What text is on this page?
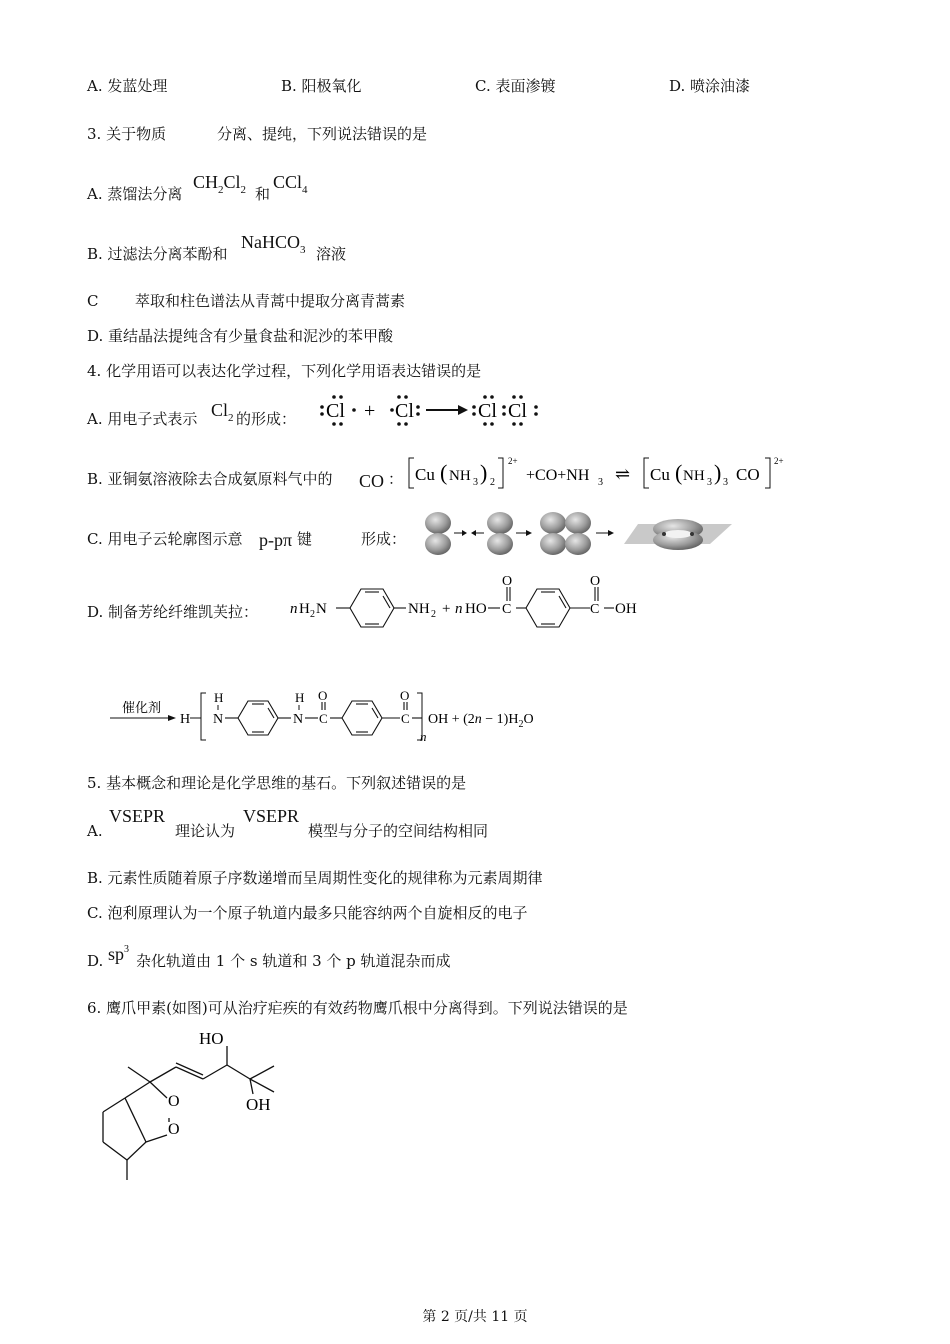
A. 发蓝处理	B. 阳极氧化	C. 表面渗镀	D. 喷涂油漆
3. 关于物质	分离、提纯，下列说法错误的是
A. 蒸馏法分离
$CH_2Cl_2$ 和
CCl$_4$
B. 过滤法分离苯酚和
NaHCO$_3$ 溶液
C 萃取和柱色谱法从青蒿中提取分离青蒿素
D. 重结晶法提纯含有少量食盐和泥沙的苯甲酸
4. 化学用语可以表达化学过程，下列化学用语表达错误的是
A. 用电子式表示 $Cl_2$ 的形成： Cl + Cl	Cl Cl
B. 亚铜氨溶液除去合成氨原料气中的 CO ： Cu ( NH 3 ) 2
2+
+CO+NH 3 ⇌ Cu ( NH 3 ) 3 CO
2+
C. 用电子云轮廓图示意 p-pπ 键	形成：
D. 制备芳纶纤维凯芙拉： n H 2 N	NH 2 + n HO
O
C
O
C OH
催化剂
H
H
N
H
N
O
C
O
C
n
OH + $(2n - 1)H_2O$
5. 基本概念和理论是化学思维的基石。下列叙述错误的是
A.
VSEPR
理论认为
VSEPR
模型与分子的空间结构相同
B. 元素性质随着原子序数递增而呈周期性变化的规律称为元素周期律
C. 泡利原理认为一个原子轨道内最多只能容纳两个自旋相反的电子
D. $sp^3$
杂化轨道由 1 个 s 轨道和 3 个 p 轨道混杂而成
6. 鹰爪甲素(如图)可从治疗疟疾的有效药物鹰爪根中分离得到。下列说法错误的是
HO
OH
O
O
第 2 页/共 11 页
